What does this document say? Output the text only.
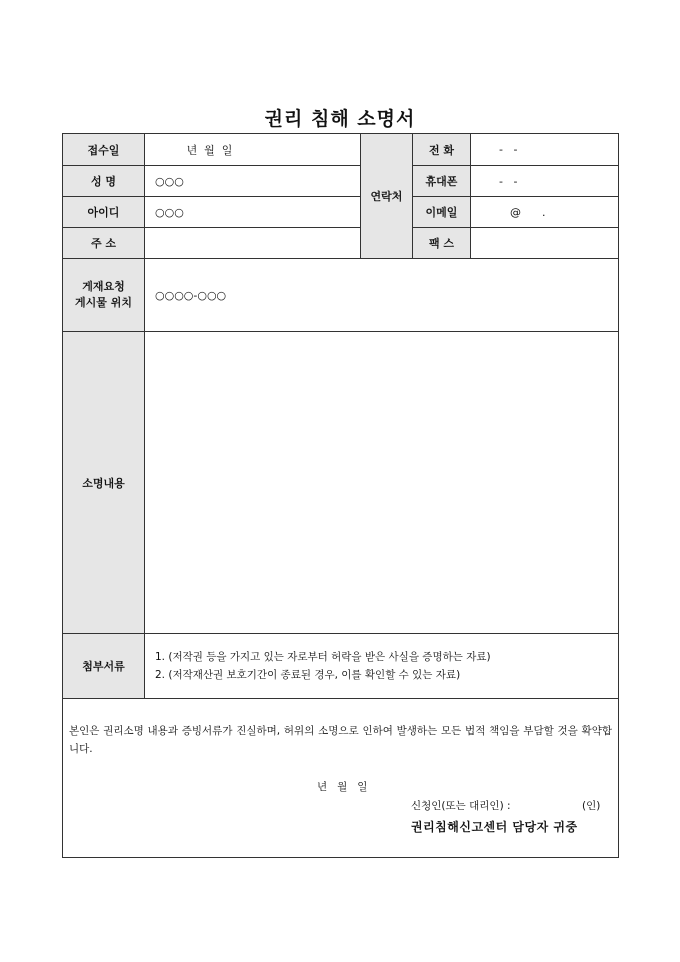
권리 침해 소명서
접수일
성 명
아이디
주 소
년  월  일
○○○
○○○
연락처
전 화
휴대폰
이메일
팩 스
-   -
-   -
@      .
게재요청
게시물 위치
○○○○-○○○
소명내용
첨부서류
1. (저작권 등을 가지고 있는 자로부터 허락을 받은 사실을 증명하는 자료)
2. (저작재산권 보호기간이 종료된 경우, 이를 확인할 수 있는 자료)
본인은 권리소명 내용과 증빙서류가 진실하며, 허위의 소명으로 인하여 발생하는 모든 법적 책임을 부담할 것을 확약합니다.
년   월   일
신청인(또는 대리인) :	(인)
권리침해신고센터 담당자 귀중
